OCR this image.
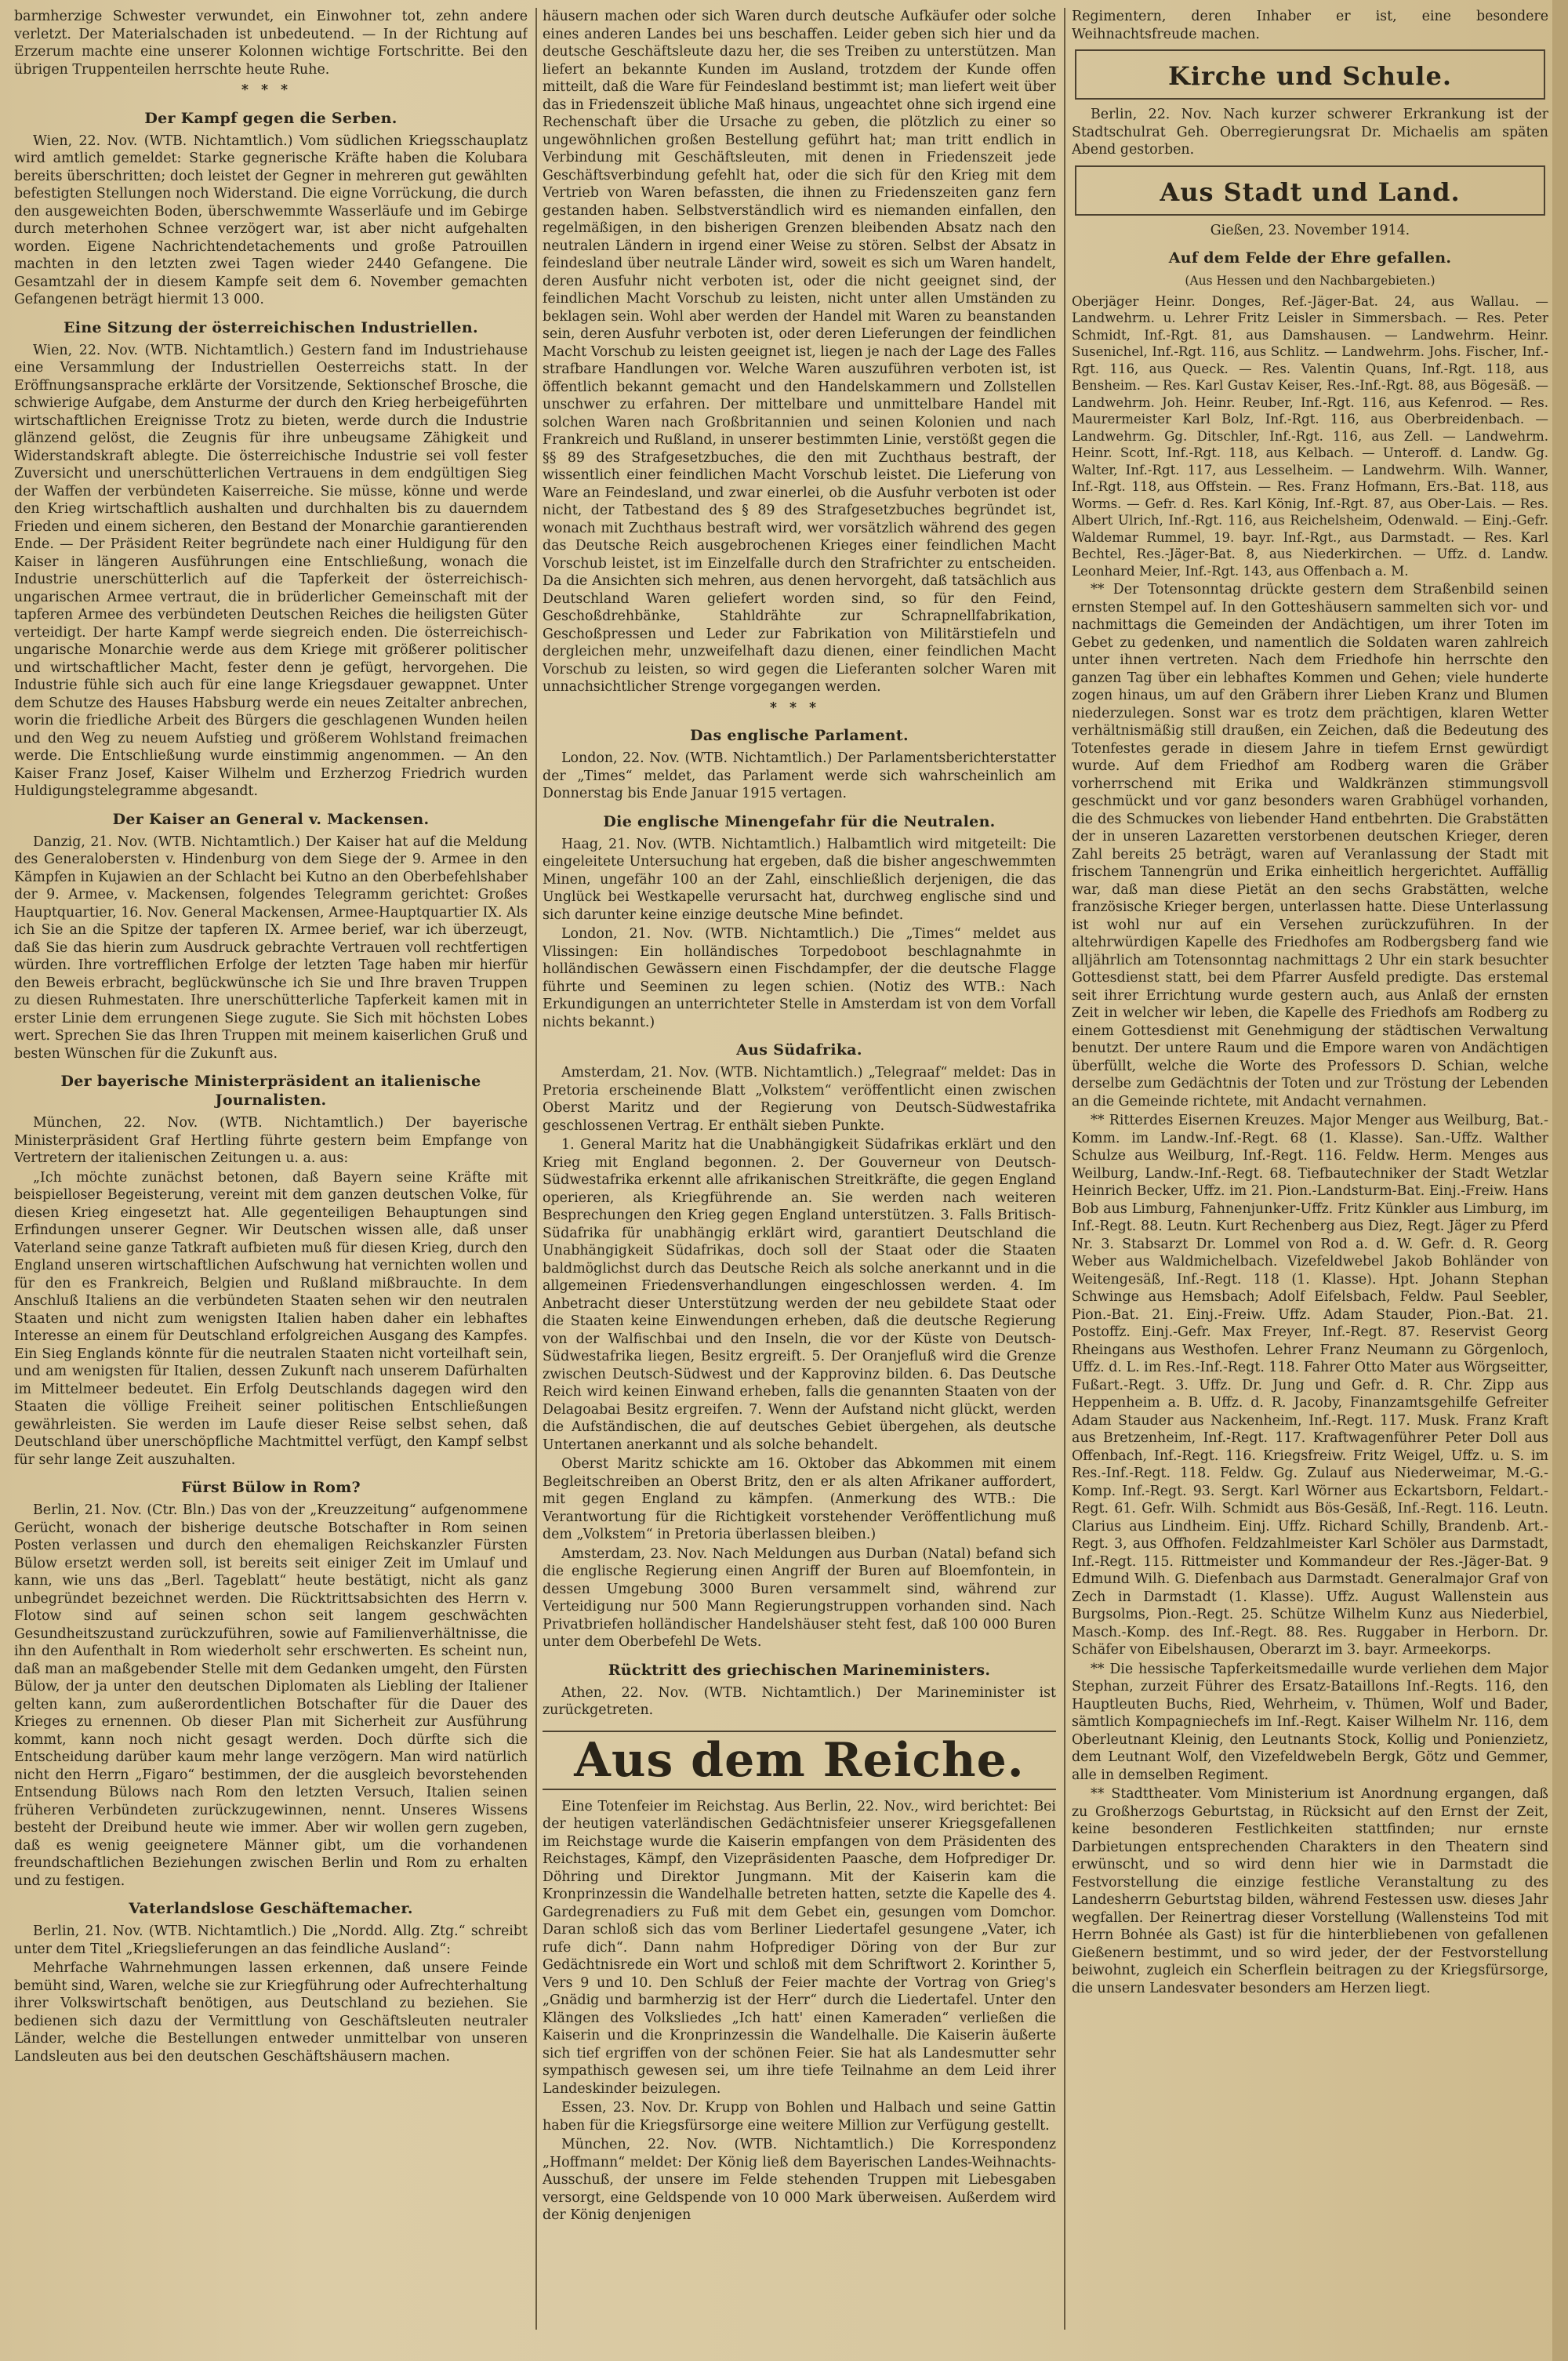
barmherzige Schwester verwundet, ein Einwohner tot, zehn andere verletzt. Der Materialschaden ist unbedeutend. — In der Richtung auf Erzerum machte eine unserer Kolonnen wichtige Fortschritte. Bei den übrigen Truppenteilen herrschte heute Ruhe.

***
Der Kampf gegen die Serben.

Wien, 22. Nov. (WTB. Nichtamtlich.) Vom südlichen Kriegsschauplatz wird amtlich gemeldet: Starke gegnerische Kräfte haben die Kolubara bereits überschritten; doch leistet der Gegner in mehreren gut gewählten befestigten Stellungen noch Widerstand. Die eigne Vorrückung, die durch den ausgeweichten Boden, überschwemmte Wasserläufe und im Gebirge durch meterhohen Schnee verzögert war, ist aber nicht aufgehalten worden. Eigene Nachrichtendetachements und große Patrouillen machten in den letzten zwei Tagen wieder 2440 Gefangene. Die Gesamtzahl der in diesem Kampfe seit dem 6. November gemachten Gefangenen beträgt hiermit 13 000.

Eine Sitzung der österreichischen Industriellen.

Wien, 22. Nov. (WTB. Nichtamtlich.) Gestern fand im Industriehause eine Versammlung der Industriellen Oesterreichs statt. In der Eröffnungsansprache erklärte der Vorsitzende, Sektionschef Brosche, die schwierige Aufgabe, dem Ansturme der durch den Krieg herbeigeführten wirtschaftlichen Ereignisse Trotz zu bieten, werde durch die Industrie glänzend gelöst, die Zeugnis für ihre unbeugsame Zähigkeit und Widerstandskraft ablegte. Die österreichische Industrie sei voll fester Zuversicht und unerschütterlichen Vertrauens in dem endgültigen Sieg der Waffen der verbündeten Kaiserreiche. Sie müsse, könne und werde den Krieg wirtschaftlich aushalten und durchhalten bis zu dauerndem Frieden und einem sicheren, den Bestand der Monarchie garantierenden Ende. — Der Präsident Reiter begründete nach einer Huldigung für den Kaiser in längeren Ausführungen eine Entschließung, wonach die Industrie unerschütterlich auf die Tapferkeit der österreichisch-ungarischen Armee vertraut, die in brüderlicher Gemeinschaft mit der tapferen Armee des verbündeten Deutschen Reiches die heiligsten Güter verteidigt. Der harte Kampf werde siegreich enden. Die österreichisch-ungarische Monarchie werde aus dem Kriege mit größerer politischer und wirtschaftlicher Macht, fester denn je gefügt, hervorgehen. Die Industrie fühle sich auch für eine lange Kriegsdauer gewappnet. Unter dem Schutze des Hauses Habsburg werde ein neues Zeitalter anbrechen, worin die friedliche Arbeit des Bürgers die geschlagenen Wunden heilen und den Weg zu neuem Aufstieg und größerem Wohlstand freimachen werde. Die Entschließung wurde einstimmig angenommen. — An den Kaiser Franz Josef, Kaiser Wilhelm und Erzherzog Friedrich wurden Huldigungstelegramme abgesandt.

Der Kaiser an General v. Mackensen.

Danzig, 21. Nov. (WTB. Nichtamtlich.) Der Kaiser hat auf die Meldung des Generalobersten v. Hindenburg von dem Siege der 9. Armee in den Kämpfen in Kujawien an der Schlacht bei Kutno an den Oberbefehlshaber der 9. Armee, v. Mackensen, folgendes Telegramm gerichtet: Großes Hauptquartier, 16. Nov. General Mackensen, Armee-Hauptquartier IX. Als ich Sie an die Spitze der tapferen IX. Armee berief, war ich überzeugt, daß Sie das hierin zum Ausdruck gebrachte Vertrauen voll rechtfertigen würden. Ihre vortrefflichen Erfolge der letzten Tage haben mir hierfür den Beweis erbracht, beglückwünsche ich Sie und Ihre braven Truppen zu diesen Ruhmestaten. Ihre unerschütterliche Tapferkeit kamen mit in erster Linie dem errungenen Siege zugute. Sie Sich mit höchsten Lobes wert. Sprechen Sie das Ihren Truppen mit meinem kaiserlichen Gruß und besten Wünschen für die Zukunft aus.

Der bayerische Ministerpräsident an italienische Journalisten.

München, 22. Nov. (WTB. Nichtamtlich.) Der bayerische Ministerpräsident Graf Hertling führte gestern beim Empfange von Vertretern der italienischen Zeitungen u. a. aus:

„Ich möchte zunächst betonen, daß Bayern seine Kräfte mit beispielloser Begeisterung, vereint mit dem ganzen deutschen Volke, für diesen Krieg eingesetzt hat. Alle gegenteiligen Behauptungen sind Erfindungen unserer Gegner. Wir Deutschen wissen alle, daß unser Vaterland seine ganze Tatkraft aufbieten muß für diesen Krieg, durch den England unseren wirtschaftlichen Aufschwung hat vernichten wollen und für den es Frankreich, Belgien und Rußland mißbrauchte. In dem Anschluß Italiens an die verbündeten Staaten sehen wir den neutralen Staaten und nicht zum wenigsten Italien haben daher ein lebhaftes Interesse an einem für Deutschland erfolgreichen Ausgang des Kampfes. Ein Sieg Englands könnte für die neutralen Staaten nicht vorteilhaft sein, und am wenigsten für Italien, dessen Zukunft nach unserem Dafürhalten im Mittelmeer bedeutet. Ein Erfolg Deutschlands dagegen wird den Staaten die völlige Freiheit seiner politischen Entschließungen gewährleisten. Sie werden im Laufe dieser Reise selbst sehen, daß Deutschland über unerschöpfliche Machtmittel verfügt, den Kampf selbst für sehr lange Zeit auszuhalten.

Fürst Bülow in Rom?

Berlin, 21. Nov. (Ctr. Bln.) Das von der „Kreuzzeitung“ aufgenommene Gerücht, wonach der bisherige deutsche Botschafter in Rom seinen Posten verlassen und durch den ehemaligen Reichskanzler Fürsten Bülow ersetzt werden soll, ist bereits seit einiger Zeit im Umlauf und kann, wie uns das „Berl. Tageblatt“ heute bestätigt, nicht als ganz unbegründet bezeichnet werden. Die Rücktrittsabsichten des Herrn v. Flotow sind auf seinen schon seit langem geschwächten Gesundheitszustand zurückzuführen, sowie auf Familienverhältnisse, die ihn den Aufenthalt in Rom wiederholt sehr erschwerten. Es scheint nun, daß man an maßgebender Stelle mit dem Gedanken umgeht, den Fürsten Bülow, der ja unter den deutschen Diplomaten als Liebling der Italiener gelten kann, zum außerordentlichen Botschafter für die Dauer des Krieges zu ernennen. Ob dieser Plan mit Sicherheit zur Ausführung kommt, kann noch nicht gesagt werden. Doch dürfte sich die Entscheidung darüber kaum mehr lange verzögern. Man wird natürlich nicht den Herrn „Figaro“ bestimmen, der die ausgleich bevorstehenden Entsendung Bülows nach Rom den letzten Versuch, Italien seinen früheren Verbündeten zurückzugewinnen, nennt. Unseres Wissens besteht der Dreibund heute wie immer. Aber wir wollen gern zugeben, daß es wenig geeignetere Männer gibt, um die vorhandenen freundschaftlichen Beziehungen zwischen Berlin und Rom zu erhalten und zu festigen.

Vaterlandslose Geschäftemacher.

Berlin, 21. Nov. (WTB. Nichtamtlich.) Die „Nordd. Allg. Ztg.“ schreibt unter dem Titel „Kriegslieferungen an das feindliche Ausland“:

Mehrfache Wahrnehmungen lassen erkennen, daß unsere Feinde bemüht sind, Waren, welche sie zur Kriegführung oder Aufrechterhaltung ihrer Volkswirtschaft benötigen, aus Deutschland zu beziehen. Sie bedienen sich dazu der Vermittlung von Geschäftsleuten neutraler Länder, welche die Bestellungen entweder unmittelbar von unseren Landsleuten aus bei den deutschen Geschäftshäusern machen.

häusern machen oder sich Waren durch deutsche Aufkäufer oder solche eines anderen Landes bei uns beschaffen. Leider geben sich hier und da deutsche Geschäftsleute dazu her, die ses Treiben zu unterstützen. Man liefert an bekannte Kunden im Ausland, trotzdem der Kunde offen mitteilt, daß die Ware für Feindesland bestimmt ist; man liefert weit über das in Friedenszeit übliche Maß hinaus, ungeachtet ohne sich irgend eine Rechenschaft über die Ursache zu geben, die plötzlich zu einer so ungewöhnlichen großen Bestellung geführt hat; man tritt endlich in Verbindung mit Geschäftsleuten, mit denen in Friedenszeit jede Geschäftsverbindung gefehlt hat, oder die sich für den Krieg mit dem Vertrieb von Waren befassten, die ihnen zu Friedenszeiten ganz fern gestanden haben. Selbstverständlich wird es niemanden einfallen, den regelmäßigen, in den bisherigen Grenzen bleibenden Absatz nach den neutralen Ländern in irgend einer Weise zu stören. Selbst der Absatz in feindesland über neutrale Länder wird, soweit es sich um Waren handelt, deren Ausfuhr nicht verboten ist, oder die nicht geeignet sind, der feindlichen Macht Vorschub zu leisten, nicht unter allen Umständen zu beklagen sein. Wohl aber werden der Handel mit Waren zu beanstanden sein, deren Ausfuhr verboten ist, oder deren Lieferungen der feindlichen Macht Vorschub zu leisten geeignet ist, liegen je nach der Lage des Falles strafbare Handlungen vor. Welche Waren auszuführen verboten ist, ist öffentlich bekannt gemacht und den Handelskammern und Zollstellen unschwer zu erfahren. Der mittelbare und unmittelbare Handel mit solchen Waren nach Großbritannien und seinen Kolonien und nach Frankreich und Rußland, in unserer bestimmten Linie, verstößt gegen die §§ 89 des Strafgesetzbuches, die den mit Zuchthaus bestraft, der wissentlich einer feindlichen Macht Vorschub leistet. Die Lieferung von Ware an Feindesland, und zwar einerlei, ob die Ausfuhr verboten ist oder nicht, der Tatbestand des § 89 des Strafgesetzbuches begründet ist, wonach mit Zuchthaus bestraft wird, wer vorsätzlich während des gegen das Deutsche Reich ausgebrochenen Krieges einer feindlichen Macht Vorschub leistet, ist im Einzelfalle durch den Strafrichter zu entscheiden. Da die Ansichten sich mehren, aus denen hervorgeht, daß tatsächlich aus Deutschland Waren geliefert worden sind, so für den Feind, Geschoßdrehbänke, Stahldrähte zur Schrapnellfabrikation, Geschoßpressen und Leder zur Fabrikation von Militärstiefeln und dergleichen mehr, unzweifelhaft dazu dienen, einer feindlichen Macht Vorschub zu leisten, so wird gegen die Lieferanten solcher Waren mit unnachsichtlicher Strenge vorgegangen werden.

***
Das englische Parlament.

London, 22. Nov. (WTB. Nichtamtlich.) Der Parlamentsberichterstatter der „Times“ meldet, das Parlament werde sich wahrscheinlich am Donnerstag bis Ende Januar 1915 vertagen.

Die englische Minengefahr für die Neutralen.

Haag, 21. Nov. (WTB. Nichtamtlich.) Halbamtlich wird mitgeteilt: Die eingeleitete Untersuchung hat ergeben, daß die bisher angeschwemmten Minen, ungefähr 100 an der Zahl, einschließlich derjenigen, die das Unglück bei Westkapelle verursacht hat, durchweg englische sind und sich darunter keine einzige deutsche Mine befindet.

London, 21. Nov. (WTB. Nichtamtlich.) Die „Times“ meldet aus Vlissingen: Ein holländisches Torpedoboot beschlagnahmte in holländischen Gewässern einen Fischdampfer, der die deutsche Flagge führte und Seeminen zu legen schien. (Notiz des WTB.: Nach Erkundigungen an unterrichteter Stelle in Amsterdam ist von dem Vorfall nichts bekannt.)

Aus Südafrika.

Amsterdam, 21. Nov. (WTB. Nichtamtlich.) „Telegraaf“ meldet: Das in Pretoria erscheinende Blatt „Volkstem“ veröffentlicht einen zwischen Oberst Maritz und der Regierung von Deutsch-Südwestafrika geschlossenen Vertrag. Er enthält sieben Punkte.

1. General Maritz hat die Unabhängigkeit Südafrikas erklärt und den Krieg mit England begonnen. 2. Der Gouverneur von Deutsch-Südwestafrika erkennt alle afrikanischen Streitkräfte, die gegen England operieren, als Kriegführende an. Sie werden nach weiteren Besprechungen den Krieg gegen England unterstützen. 3. Falls Britisch-Südafrika für unabhängig erklärt wird, garantiert Deutschland die Unabhängigkeit Südafrikas, doch soll der Staat oder die Staaten baldmöglichst durch das Deutsche Reich als solche anerkannt und in die allgemeinen Friedensverhandlungen eingeschlossen werden. 4. Im Anbetracht dieser Unterstützung werden der neu gebildete Staat oder die Staaten keine Einwendungen erheben, daß die deutsche Regierung von der Walfischbai und den Inseln, die vor der Küste von Deutsch-Südwestafrika liegen, Besitz ergreift. 5. Der Oranjefluß wird die Grenze zwischen Deutsch-Südwest und der Kapprovinz bilden. 6. Das Deutsche Reich wird keinen Einwand erheben, falls die genannten Staaten von der Delagoabai Besitz ergreifen. 7. Wenn der Aufstand nicht glückt, werden die Aufständischen, die auf deutsches Gebiet übergehen, als deutsche Untertanen anerkannt und als solche behandelt.

Oberst Maritz schickte am 16. Oktober das Abkommen mit einem Begleitschreiben an Oberst Britz, den er als alten Afrikaner auffordert, mit gegen England zu kämpfen. (Anmerkung des WTB.: Die Verantwortung für die Richtigkeit vorstehender Veröffentlichung muß dem „Volkstem“ in Pretoria überlassen bleiben.)

Amsterdam, 23. Nov. Nach Meldungen aus Durban (Natal) befand sich die englische Regierung einen Angriff der Buren auf Bloemfontein, in dessen Umgebung 3000 Buren versammelt sind, während zur Verteidigung nur 500 Mann Regierungstruppen vorhanden sind. Nach Privatbriefen holländischer Handelshäuser steht fest, daß 100 000 Buren unter dem Oberbefehl De Wets.

Rücktritt des griechischen Marineministers.

Athen, 22. Nov. (WTB. Nichtamtlich.) Der Marineminister ist zurückgetreten.

Aus dem Reiche.

Eine Totenfeier im Reichstag. Aus Berlin, 22. Nov., wird berichtet: Bei der heutigen vaterländischen Gedächtnisfeier unserer Kriegsgefallenen im Reichstage wurde die Kaiserin empfangen von dem Präsidenten des Reichstages, Kämpf, den Vizepräsidenten Paasche, dem Hofprediger Dr. Döhring und Direktor Jungmann. Mit der Kaiserin kam die Kronprinzessin die Wandelhalle betreten hatten, setzte die Kapelle des 4. Gardegrenadiers zu Fuß mit dem Gebet ein, gesungen vom Domchor. Daran schloß sich das vom Berliner Liedertafel gesungene „Vater, ich rufe dich“. Dann nahm Hofprediger Döring von der Bur zur Gedächtnisrede ein Wort und schloß mit dem Schriftwort 2. Korinther 5, Vers 9 und 10. Den Schluß der Feier machte der Vortrag von Grieg's „Gnädig und barmherzig ist der Herr“ durch die Liedertafel. Unter den Klängen des Volksliedes „Ich hatt' einen Kameraden“ verließen die Kaiserin und die Kronprinzessin die Wandelhalle. Die Kaiserin äußerte sich tief ergriffen von der schönen Feier. Sie hat als Landesmutter sehr sympathisch gewesen sei, um ihre tiefe Teilnahme an dem Leid ihrer Landeskinder beizulegen.

Essen, 23. Nov. Dr. Krupp von Bohlen und Halbach und seine Gattin haben für die Kriegsfürsorge eine weitere Million zur Verfügung gestellt.

München, 22. Nov. (WTB. Nichtamtlich.) Die Korrespondenz „Hoffmann“ meldet: Der König ließ dem Bayerischen Landes-Weihnachts-Ausschuß, der unsere im Felde stehenden Truppen mit Liebesgaben versorgt, eine Geldspende von 10 000 Mark überweisen. Außerdem wird der König denjenigen

Regimentern, deren Inhaber er ist, eine besondere Weihnachtsfreude machen.

Kirche und Schule.

Berlin, 22. Nov. Nach kurzer schwerer Erkrankung ist der Stadtschulrat Geh. Oberregierungsrat Dr. Michaelis am späten Abend gestorben.

Aus Stadt und Land.
Gießen, 23. November 1914.
Auf dem Felde der Ehre gefallen.
(Aus Hessen und den Nachbargebieten.)

Oberjäger Heinr. Donges, Ref.-Jäger-Bat. 24, aus Wallau. — Landwehrm. u. Lehrer Fritz Leisler in Simmersbach. — Res. Peter Schmidt, Inf.-Rgt. 81, aus Damshausen. — Landwehrm. Heinr. Susenichel, Inf.-Rgt. 116, aus Schlitz. — Landwehrm. Johs. Fischer, Inf.-Rgt. 116, aus Queck. — Res. Valentin Quans, Inf.-Rgt. 118, aus Bensheim. — Res. Karl Gustav Keiser, Res.-Inf.-Rgt. 88, aus Bögesäß. — Landwehrm. Joh. Heinr. Reuber, Inf.-Rgt. 116, aus Kefenrod. — Res. Maurermeister Karl Bolz, Inf.-Rgt. 116, aus Oberbreidenbach. — Landwehrm. Gg. Ditschler, Inf.-Rgt. 116, aus Zell. — Landwehrm. Heinr. Scott, Inf.-Rgt. 118, aus Kelbach. — Unteroff. d. Landw. Gg. Walter, Inf.-Rgt. 117, aus Lesselheim. — Landwehrm. Wilh. Wanner, Inf.-Rgt. 118, aus Offstein. — Res. Franz Hofmann, Ers.-Bat. 118, aus Worms. — Gefr. d. Res. Karl König, Inf.-Rgt. 87, aus Ober-Lais. — Res. Albert Ulrich, Inf.-Rgt. 116, aus Reichelsheim, Odenwald. — Einj.-Gefr. Waldemar Rummel, 19. bayr. Inf.-Rgt., aus Darmstadt. — Res. Karl Bechtel, Res.-Jäger-Bat. 8, aus Niederkirchen. — Uffz. d. Landw. Leonhard Meier, Inf.-Rgt. 143, aus Offenbach a. M.

** Der Totensonntag drückte gestern dem Straßenbild seinen ernsten Stempel auf. In den Gotteshäusern sammelten sich vor- und nachmittags die Gemeinden der Andächtigen, um ihrer Toten im Gebet zu gedenken, und namentlich die Soldaten waren zahlreich unter ihnen vertreten. Nach dem Friedhofe hin herrschte den ganzen Tag über ein lebhaftes Kommen und Gehen; viele hunderte zogen hinaus, um auf den Gräbern ihrer Lieben Kranz und Blumen niederzulegen. Sonst war es trotz dem prächtigen, klaren Wetter verhältnismäßig still draußen, ein Zeichen, daß die Bedeutung des Totenfestes gerade in diesem Jahre in tiefem Ernst gewürdigt wurde. Auf dem Friedhof am Rodberg waren die Gräber vorherrschend mit Erika und Waldkränzen stimmungsvoll geschmückt und vor ganz besonders waren Grabhügel vorhanden, die des Schmuckes von liebender Hand entbehrten. Die Grabstätten der in unseren Lazaretten verstorbenen deutschen Krieger, deren Zahl bereits 25 beträgt, waren auf Veranlassung der Stadt mit frischem Tannengrün und Erika einheitlich hergerichtet. Auffällig war, daß man diese Pietät an den sechs Grabstätten, welche französische Krieger bergen, unterlassen hatte. Diese Unterlassung ist wohl nur auf ein Versehen zurückzuführen. In der altehrwürdigen Kapelle des Friedhofes am Rodbergsberg fand wie alljährlich am Totensonntag nachmittags 2 Uhr ein stark besuchter Gottesdienst statt, bei dem Pfarrer Ausfeld predigte. Das erstemal seit ihrer Errichtung wurde gestern auch, aus Anlaß der ernsten Zeit in welcher wir leben, die Kapelle des Friedhofs am Rodberg zu einem Gottesdienst mit Genehmigung der städtischen Verwaltung benutzt. Der untere Raum und die Empore waren von Andächtigen überfüllt, welche die Worte des Professors D. Schian, welche derselbe zum Gedächtnis der Toten und zur Tröstung der Lebenden an die Gemeinde richtete, mit Andacht vernahmen.

** Ritterdes Eisernen Kreuzes. Major Menger aus Weilburg, Bat.-Komm. im Landw.-Inf.-Regt. 68 (1. Klasse). San.-Uffz. Walther Schulze aus Weilburg, Inf.-Regt. 116. Feldw. Herm. Menges aus Weilburg, Landw.-Inf.-Regt. 68. Tiefbautechniker der Stadt Wetzlar Heinrich Becker, Uffz. im 21. Pion.-Landsturm-Bat. Einj.-Freiw. Hans Bob aus Limburg, Fahnenjunker-Uffz. Fritz Künkler aus Limburg, im Inf.-Regt. 88. Leutn. Kurt Rechenberg aus Diez, Regt. Jäger zu Pferd Nr. 3. Stabsarzt Dr. Lommel von Rod a. d. W. Gefr. d. R. Georg Weber aus Waldmichelbach. Vizefeldwebel Jakob Bohländer von Weitengesäß, Inf.-Regt. 118 (1. Klasse). Hpt. Johann Stephan Schwinge aus Hemsbach; Adolf Eifelsbach, Feldw. Paul Seebler, Pion.-Bat. 21. Einj.-Freiw. Uffz. Adam Stauder, Pion.-Bat. 21. Postoffz. Einj.-Gefr. Max Freyer, Inf.-Regt. 87. Reservist Georg Rheingans aus Westhofen. Lehrer Franz Neumann zu Görgenloch, Uffz. d. L. im Res.-Inf.-Regt. 118. Fahrer Otto Mater aus Wörgseitter, Fußart.-Regt. 3. Uffz. Dr. Jung und Gefr. d. R. Chr. Zipp aus Heppenheim a. B. Uffz. d. R. Jacoby, Finanzamtsgehilfe Gefreiter Adam Stauder aus Nackenheim, Inf.-Regt. 117. Musk. Franz Kraft aus Bretzenheim, Inf.-Regt. 117. Kraftwagenführer Peter Doll aus Offenbach, Inf.-Regt. 116. Kriegsfreiw. Fritz Weigel, Uffz. u. S. im Res.-Inf.-Regt. 118. Feldw. Gg. Zulauf aus Niederweimar, M.-G.-Komp. Inf.-Regt. 93. Sergt. Karl Wörner aus Eckartsborn, Feldart.-Regt. 61. Gefr. Wilh. Schmidt aus Bös-Gesäß, Inf.-Regt. 116. Leutn. Clarius aus Lindheim. Einj. Uffz. Richard Schilly, Brandenb. Art.-Regt. 3, aus Offhofen. Feldzahlmeister Karl Schöler aus Darmstadt, Inf.-Regt. 115. Rittmeister und Kommandeur der Res.-Jäger-Bat. 9 Edmund Wilh. G. Diefenbach aus Darmstadt. Generalmajor Graf von Zech in Darmstadt (1. Klasse). Uffz. August Wallenstein aus Burgsolms, Pion.-Regt. 25. Schütze Wilhelm Kunz aus Niederbiel, Masch.-Komp. des Inf.-Regt. 88. Res. Ruggaber in Herborn. Dr. Schäfer von Eibelshausen, Oberarzt im 3. bayr. Armeekorps.

** Die hessische Tapferkeitsmedaille wurde verliehen dem Major Stephan, zurzeit Führer des Ersatz-Bataillons Inf.-Regts. 116, den Hauptleuten Buchs, Ried, Wehrheim, v. Thümen, Wolf und Bader, sämtlich Kompagniechefs im Inf.-Regt. Kaiser Wilhelm Nr. 116, dem Oberleutnant Kleinig, den Leutnants Stock, Kollig und Ponienzietz, dem Leutnant Wolf, den Vizefeldwebeln Bergk, Götz und Gemmer, alle in demselben Regiment.

** Stadttheater. Vom Ministerium ist Anordnung ergangen, daß zu Großherzogs Geburtstag, in Rücksicht auf den Ernst der Zeit, keine besonderen Festlichkeiten stattfinden; nur ernste Darbietungen entsprechenden Charakters in den Theatern sind erwünscht, und so wird denn hier wie in Darmstadt die Festvorstellung die einzige festliche Veranstaltung zu des Landesherrn Geburtstag bilden, während Festessen usw. dieses Jahr wegfallen. Der Reinertrag dieser Vorstellung (Wallensteins Tod mit Herrn Bohnée als Gast) ist für die hinterbliebenen von gefallenen Gießenern bestimmt, und so wird jeder, der der Festvorstellung beiwohnt, zugleich ein Scherflein beitragen zu der Kriegsfürsorge, die unsern Landesvater besonders am Herzen liegt.
